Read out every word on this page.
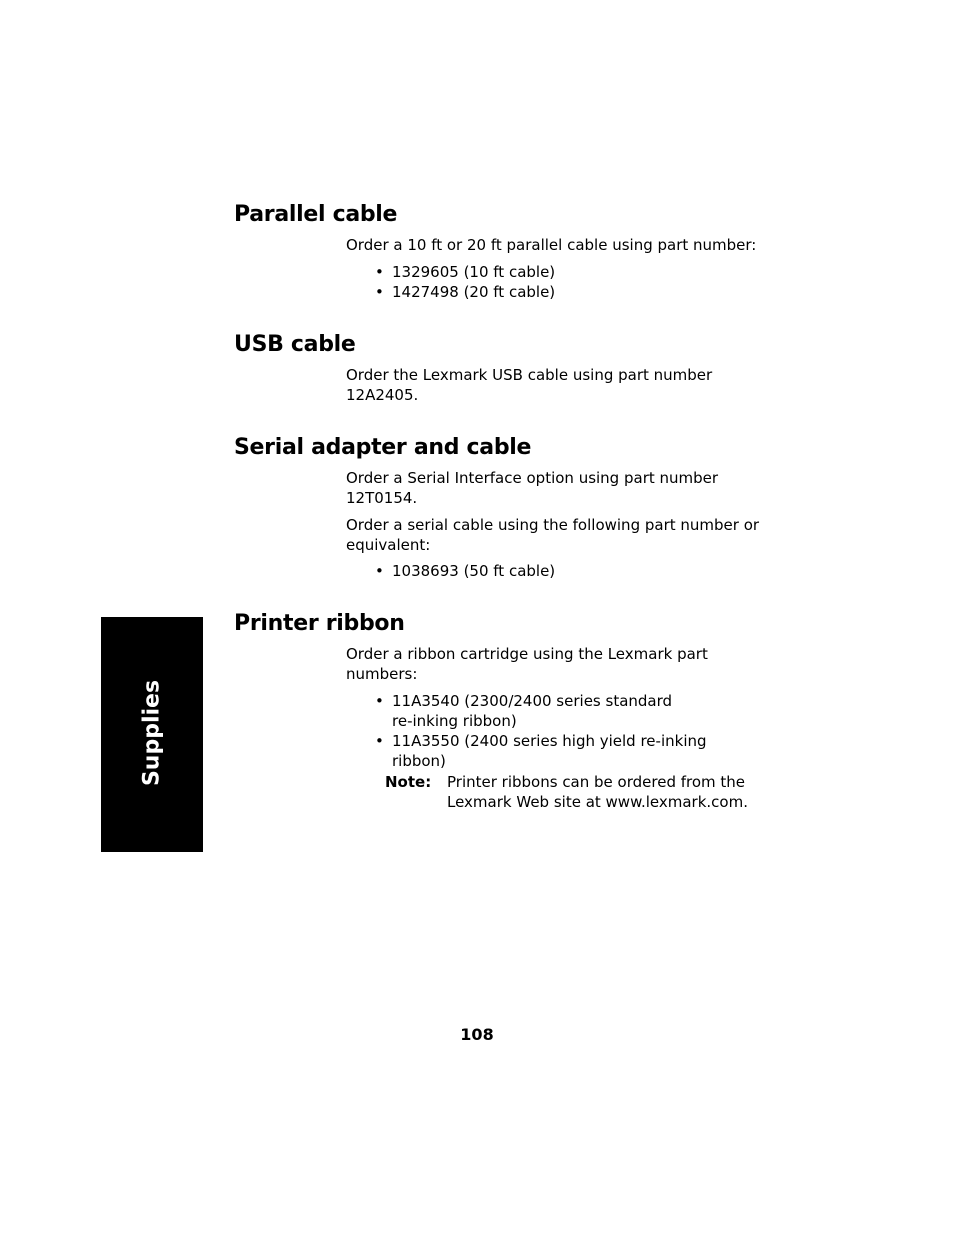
Parallel cable

Order a 10 ft or 20 ft parallel cable using part number:

• 1329605 (10 ft cable)
• 1427498 (20 ft cable)
USB cable

Order the Lexmark USB cable using part number 12A2405.

Serial adapter and cable

Order a Serial Interface option using part number 12T0154.

Order a serial cable using the following part number or equivalent:

• 1038693 (50 ft cable)
Printer ribbon

Order a ribbon cartridge using the Lexmark part numbers:

• 11A3540 (2300/2400 series standard re-inking ribbon)
• 11A3550 (2400 series high yield re-inking ribbon)
Note: Printer ribbons can be ordered from the Lexmark Web site at www.lexmark.com.
Supplies
108
